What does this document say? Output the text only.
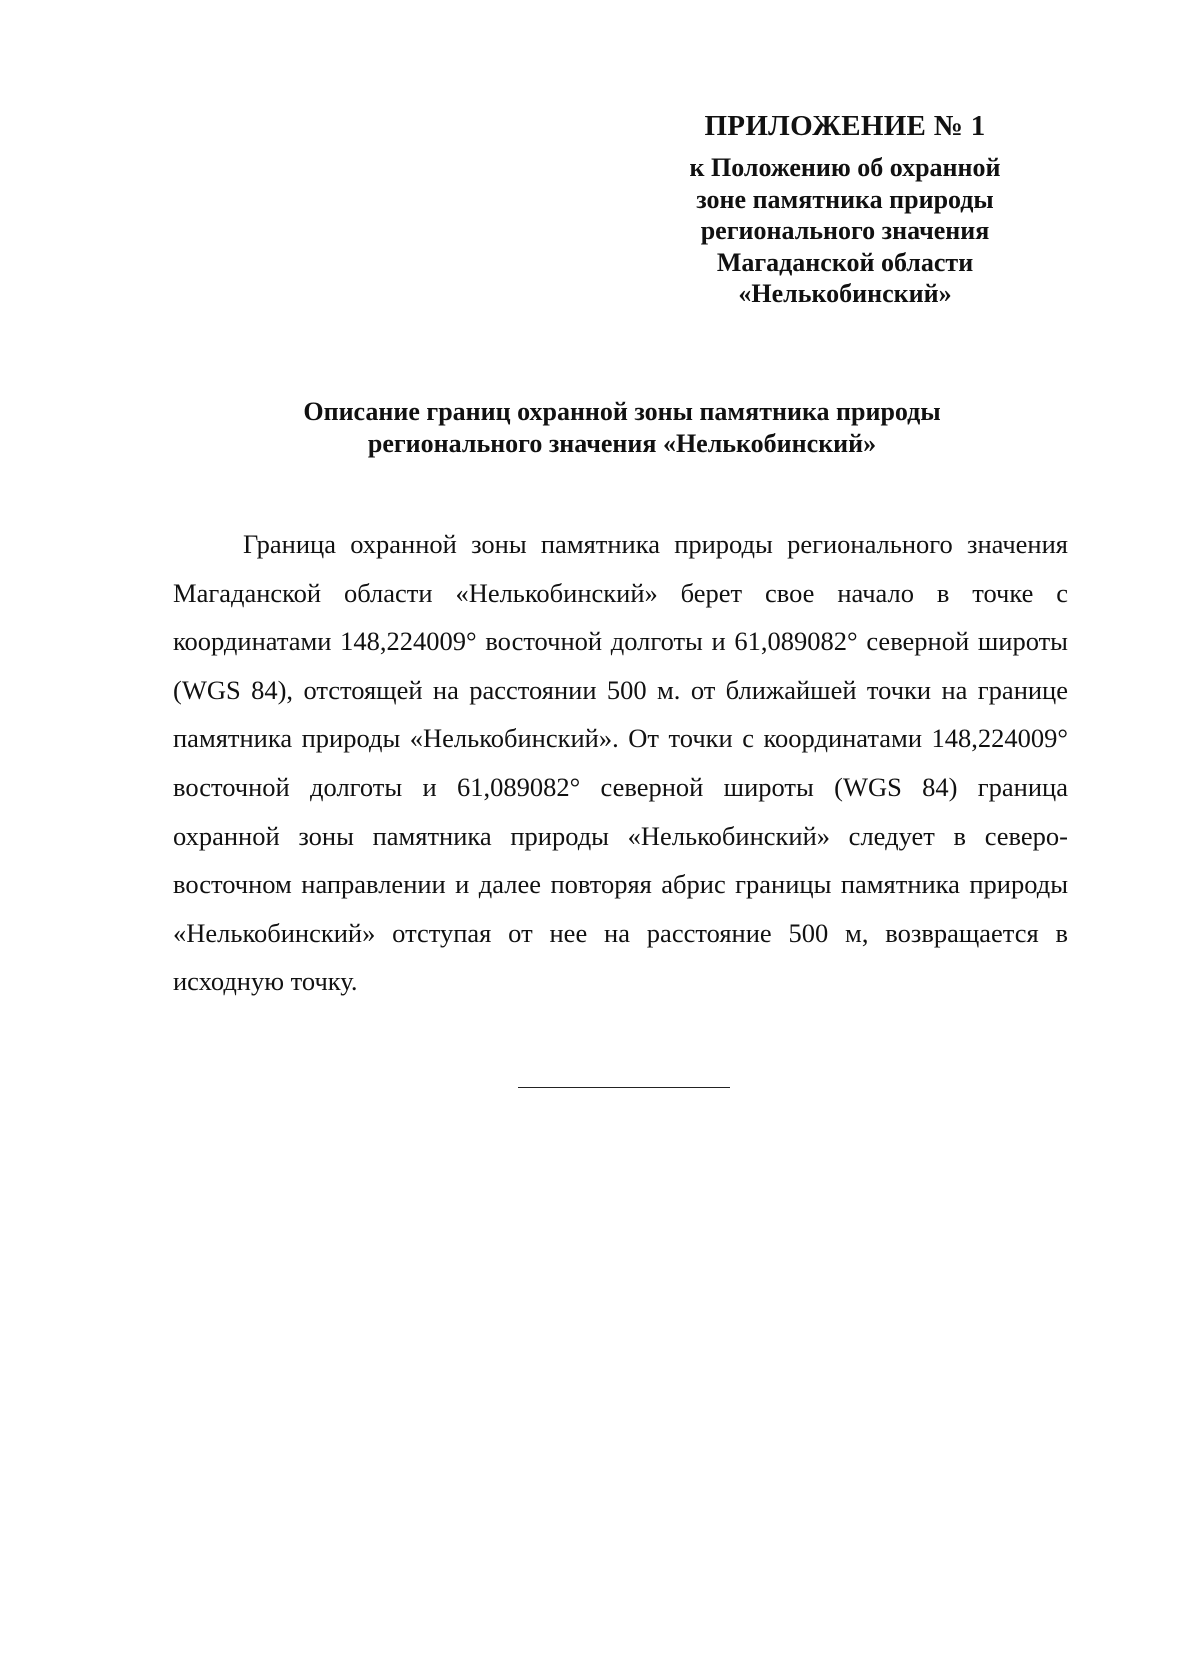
ПРИЛОЖЕНИЕ № 1

к Положению об охранной
зоне памятника природы
регионального значения
Магаданской области
«Нелькобинский»

Описание границ охранной зоны памятника природы
регионального значения «Нелькобинский»

Граница охранной зоны памятника природы регионального значения Магаданской области «Нелькобинский» берет свое начало в точке с координатами 148,224009° восточной долготы и 61,089082° северной широты (WGS 84), отстоящей на расстоянии 500 м. от ближайшей точки на границе памятника природы «Нелькобинский». От точки с координатами 148,224009° восточной долготы и 61,089082° северной широты (WGS 84) граница охранной зоны памятника природы «Нелькобинский» следует в северо-восточном направлении и далее повторяя абрис границы памятника природы «Нелькобинский» отступая от нее на расстояние 500 м, возвращается в исходную точку.
